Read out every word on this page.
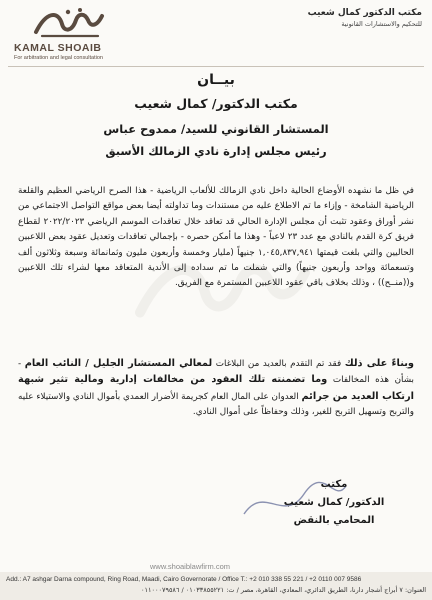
KAMAL SHOAIB
For arbitration and legal consultation
مكتب الدكتور كمال شعيب
للتحكيم والاستشارات القانونية
بيــان
مكتب الدكتور/ كمال شعيب
المستشار القانوني للسيد/ ممدوح عباس
رئيس مجلس إدارة نادي الزمالك الأسبق
في ظل ما نشهده الأوضاع الحالية داخل نادي الزمالك للألعاب الرياضية - هذا الصرح الرياضي العظيم والقلعة الرياضية الشامخة - وإزاء ما تم الاطلاع عليه من مستندات وما تداولته أيضا بعض مواقع التواصل الاجتماعي من نشر أوراق وعقود تثبت أن مجلس الإدارة الحالي قد تعاقد خلال تعاقدات الموسم الرياضي ٢٠٢٢/٢٠٢٣ لقطاع فريق كرة القدم بالنادي مع عدد ٢٣ لاعباً - وهذا ما أمكن حصره - بإجمالي تعاقدات وتعديل عقود بعض اللاعبين الحاليين والتي بلغت قيمتها ١,٠٤٥,٨٣٧,٩٤١ جنيهاً (مليار وخمسة وأربعون مليون وثمانمائة وسبعة وثلاثون ألف وتسعمائة وواحد وأربعون جنيهاً) والتي شملت ما تم سداده إلى الأندية المتعاقد معها لشراء تلك اللاعبين و((منــح)) ، وذلك بخلاف باقي عقود اللاعبين المستمرة مع الفريق.
وبناءً على ذلك فقد تم التقدم بالعديد من البلاغات لمعالي المستشار الجليل / النائب العام - بشأن هذه المخالفات وما تضمنته تلك العقود من مخالفات إدارية ومالية تثير شبهة ارتكاب العديد من جرائم العدوان على المال العام كجريمة الأضرار العمدي بأموال النادي والاستيلاء عليه والتربح وتسهيل التربح للغير، وذلك وحفاظاً على أموال النادي.
مكتب
الدكتور/ كمال شعيب
المحامي بالنقض
www.shoaiblawfirm.com
Add.: A7 ashgar Darna compound, Ring Road, Maadi, Cairo Governorate / Office T.: +2 010 338 55 221 / +2 0110 007 9586
العنوان: ٧ أبراج أشجار دارنا، الطريق الدائري، المعادي، القاهرة، مصر / ت: ٠١٠٣٣٨٥٥٢٢١ / ٠١١٠٠٠٧٩٥٨٦
